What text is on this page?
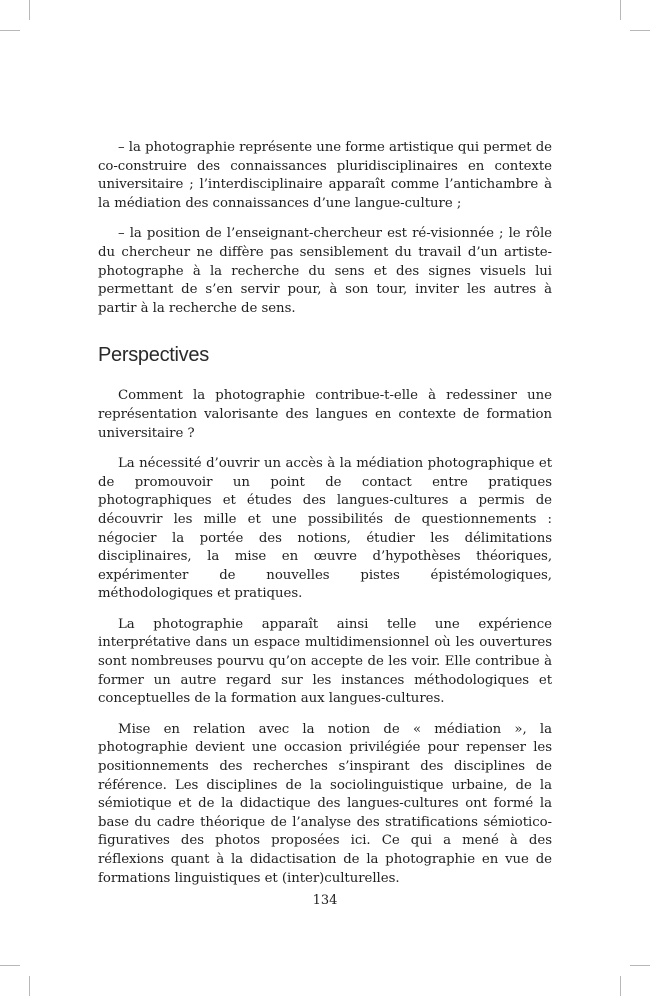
– la photographie représente une forme artistique qui permet de co-construire des connaissances pluridisciplinaires en contexte universitaire ; l’interdisciplinaire apparaît comme l’antichambre à la médiation des connaissances d’une langue-culture ;

– la position de l’enseignant-chercheur est ré-visionnée ; le rôle du chercheur ne diffère pas sensiblement du travail d’un artiste-photographe à la recherche du sens et des signes visuels lui permettant de s’en servir pour, à son tour, inviter les autres à partir à la recherche de sens.

Perspectives

Comment la photographie contribue-t-elle à redessiner une représentation valorisante des langues en contexte de formation universitaire ?

La nécessité d’ouvrir un accès à la médiation photographique et de promouvoir un point de contact entre pratiques photographiques et études des langues-cultures a permis de découvrir les mille et une possibilités de questionnements : négocier la portée des notions, étudier les délimitations disciplinaires, la mise en œuvre d’hypothèses théoriques, expérimenter de nouvelles pistes épistémologiques, méthodologiques et pratiques.

La photographie apparaît ainsi telle une expérience interprétative dans un espace multidimensionnel où les ouvertures sont nombreuses pourvu qu’on accepte de les voir. Elle contribue à former un autre regard sur les instances méthodologiques et conceptuelles de la formation aux langues-cultures.

Mise en relation avec la notion de « médiation », la photographie devient une occasion privilégiée pour repenser les positionnements des recherches s’inspirant des disciplines de référence. Les disciplines de la sociolinguistique urbaine, de la sémiotique et de la didactique des langues-cultures ont formé la base du cadre théorique de l’analyse des stratifications sémiotico-figuratives des photos proposées ici. Ce qui a mené à des réflexions quant à la didactisation de la photographie en vue de formations linguistiques et (inter)culturelles.

134
